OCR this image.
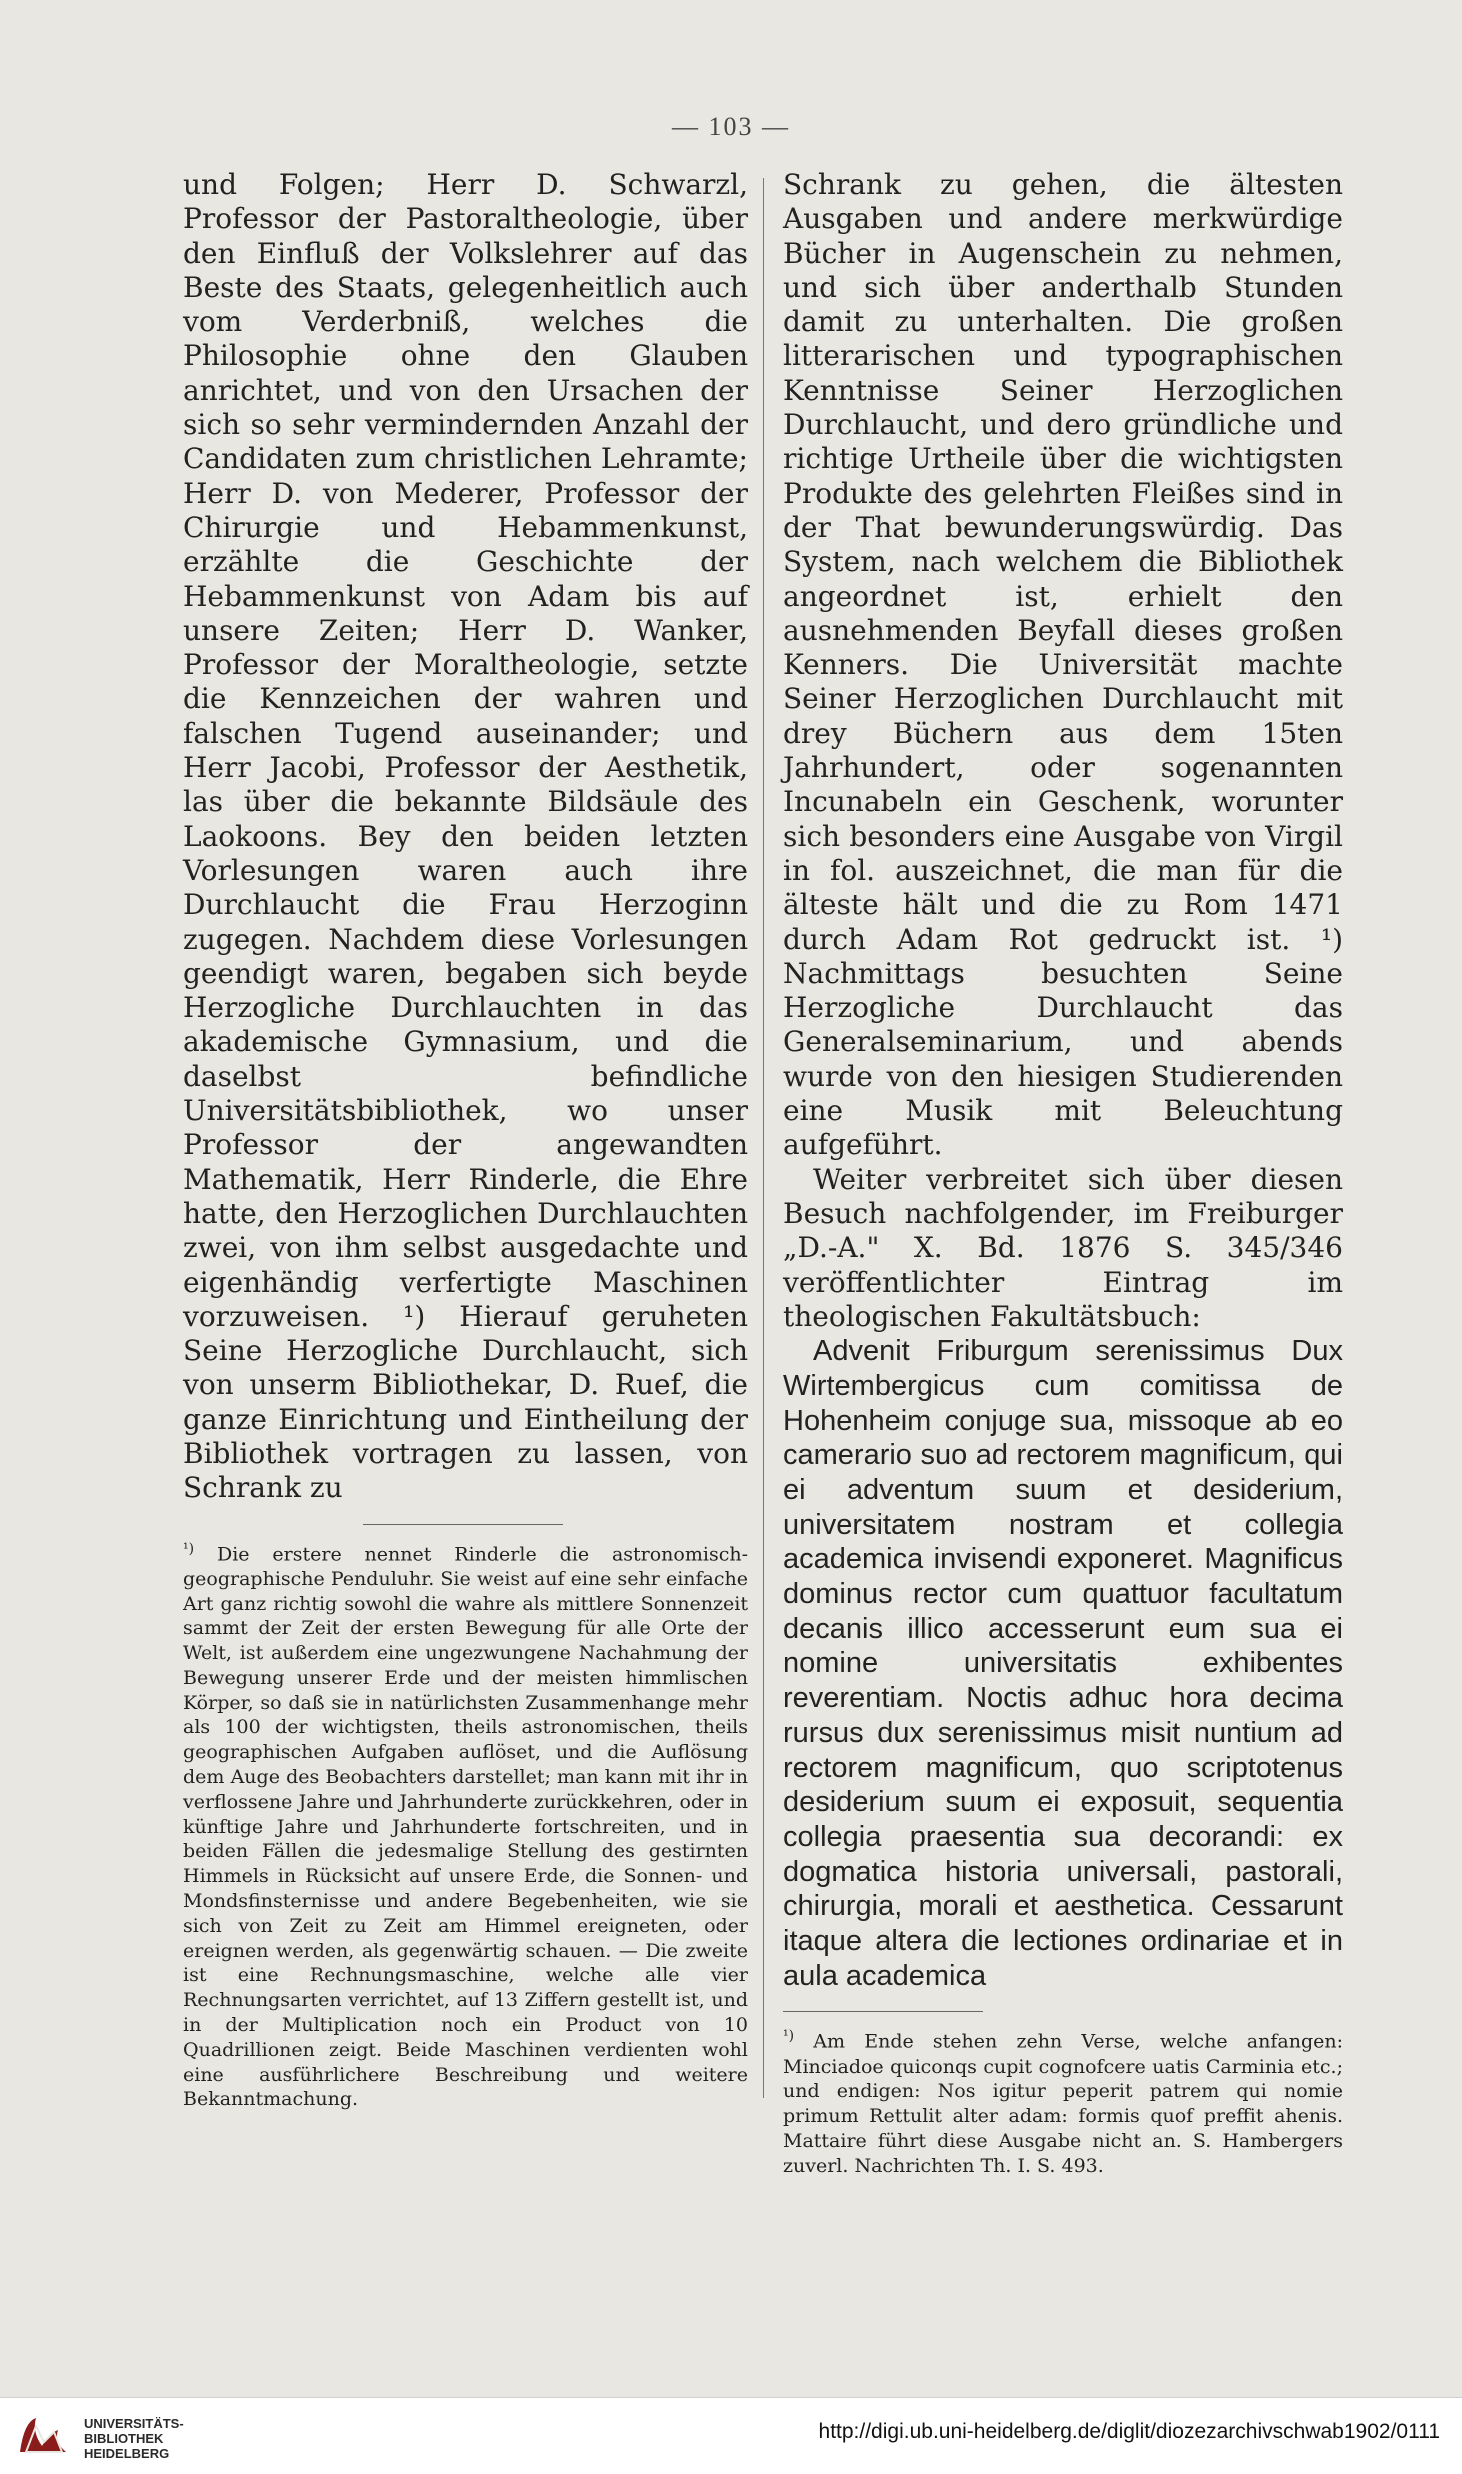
— 103 —

und Folgen; Herr D. Schwarzl, Professor der Pastoraltheologie, über den Einfluß der Volkslehrer auf das Beste des Staats, gelegenheitlich auch vom Verderbniß, welches die Philosophie ohne den Glauben anrichtet, und von den Ursachen der sich so sehr vermindernden Anzahl der Candidaten zum christlichen Lehramte; Herr D. von Mederer, Professor der Chirurgie und Hebammenkunst, erzählte die Geschichte der Hebammenkunst von Adam bis auf unsere Zeiten; Herr D. Wanker, Professor der Moraltheologie, setzte die Kennzeichen der wahren und falschen Tugend auseinander; und Herr Jacobi, Professor der Aesthetik, las über die bekannte Bildsäule des Laokoons. Bey den beiden letzten Vorlesungen waren auch ihre Durchlaucht die Frau Herzoginn zugegen. Nachdem diese Vorlesungen geendigt waren, begaben sich beyde Herzogliche Durchlauchten in das akademische Gymnasium, und die daselbst befindliche Universitätsbibliothek, wo unser Professor der angewandten Mathematik, Herr Rinderle, die Ehre hatte, den Herzoglichen Durchlauchten zwei, von ihm selbst ausgedachte und eigenhändig verfertigte Maschinen vorzuweisen. ¹) Hierauf geruheten Seine Herzogliche Durchlaucht, sich von unserm Bibliothekar, D. Ruef, die ganze Einrichtung und Eintheilung der Bibliothek vortragen zu lassen, von Schrank zu

$^{^1)}$ Die erstere nennet Rinderle die astronomisch-geographische Penduluhr. Sie weist auf eine sehr einfache Art ganz richtig sowohl die wahre als mittlere Sonnenzeit sammt der Zeit der ersten Bewegung für alle Orte der Welt, ist außerdem eine ungezwungene Nachahmung der Bewegung unserer Erde und der meisten himmlischen Körper, so daß sie in natürlichsten Zusammenhange mehr als 100 der wichtigsten, theils astronomischen, theils geographischen Aufgaben auflöset, und die Auflösung dem Auge des Beobachters darstellet; man kann mit ihr in verflossene Jahre und Jahrhunderte zurückkehren, oder in künftige Jahre und Jahrhunderte fortschreiten, und in beiden Fällen die jedesmalige Stellung des gestirnten Himmels in Rücksicht auf unsere Erde, die Sonnen- und Mondsfinsternisse und andere Begebenheiten, wie sie sich von Zeit zu Zeit am Himmel ereigneten, oder ereignen werden, als gegenwärtig schauen. — Die zweite ist eine Rechnungsmaschine, welche alle vier Rechnungsarten verrichtet, auf 13 Ziffern gestellt ist, und in der Multiplication noch ein Product von 10 Quadrillionen zeigt. Beide Maschinen verdienten wohl eine ausführlichere Beschreibung und weitere Bekanntmachung.

Schrank zu gehen, die ältesten Ausgaben und andere merkwürdige Bücher in Augenschein zu nehmen, und sich über anderthalb Stunden damit zu unterhalten. Die großen litterarischen und typographischen Kenntnisse Seiner Herzoglichen Durchlaucht, und dero gründliche und richtige Urtheile über die wichtigsten Produkte des gelehrten Fleißes sind in der That bewunderungswürdig. Das System, nach welchem die Bibliothek angeordnet ist, erhielt den ausnehmenden Beyfall dieses großen Kenners. Die Universität machte Seiner Herzoglichen Durchlaucht mit drey Büchern aus dem 15ten Jahrhundert, oder sogenannten Incunabeln ein Geschenk, worunter sich besonders eine Ausgabe von Virgil in fol. auszeichnet, die man für die älteste hält und die zu Rom 1471 durch Adam Rot gedruckt ist. ¹) Nachmittags besuchten Seine Herzogliche Durchlaucht das Generalseminarium, und abends wurde von den hiesigen Studierenden eine Musik mit Beleuchtung aufgeführt.

Weiter verbreitet sich über diesen Besuch nachfolgender, im Freiburger „D.-A." X. Bd. 1876 S. 345/346 veröffentlichter Eintrag im theologischen Fakultätsbuch:

Advenit Friburgum serenissimus Dux Wirtembergicus cum comitissa de Hohenheim conjuge sua, missoque ab eo camerario suo ad rectorem magnificum, qui ei adventum suum et desiderium, universitatem nostram et collegia academica invisendi exponeret. Magnificus dominus rector cum quattuor facultatum decanis illico accesserunt eum sua ei nomine universitatis exhibentes reverentiam. Noctis adhuc hora decima rursus dux serenissimus misit nuntium ad rectorem magnificum, quo scriptotenus desiderium suum ei exposuit, sequentia collegia praesentia sua decorandi: ex dogmatica historia universali, pastorali, chirurgia, morali et aesthetica. Cessarunt itaque altera die lectiones ordinariae et in aula academica

$^{^1)}$ Am Ende stehen zehn Verse, welche anfangen: Minciadoe quiconqs cupit cognofcere uatis Carminia etc.; und endigen: Nos igitur peperit patrem qui nomie primum Rettulit alter adam: formis quof preffit ahenis. Mattaire führt diese Ausgabe nicht an. S. Hambergers zuverl. Nachrichten Th. I. S. 493.

UNIVERSITÄTS-
BIBLIOTHEK
HEIDELBERG
http://digi.ub.uni-heidelberg.de/diglit/diozezarchivschwab1902/0111
